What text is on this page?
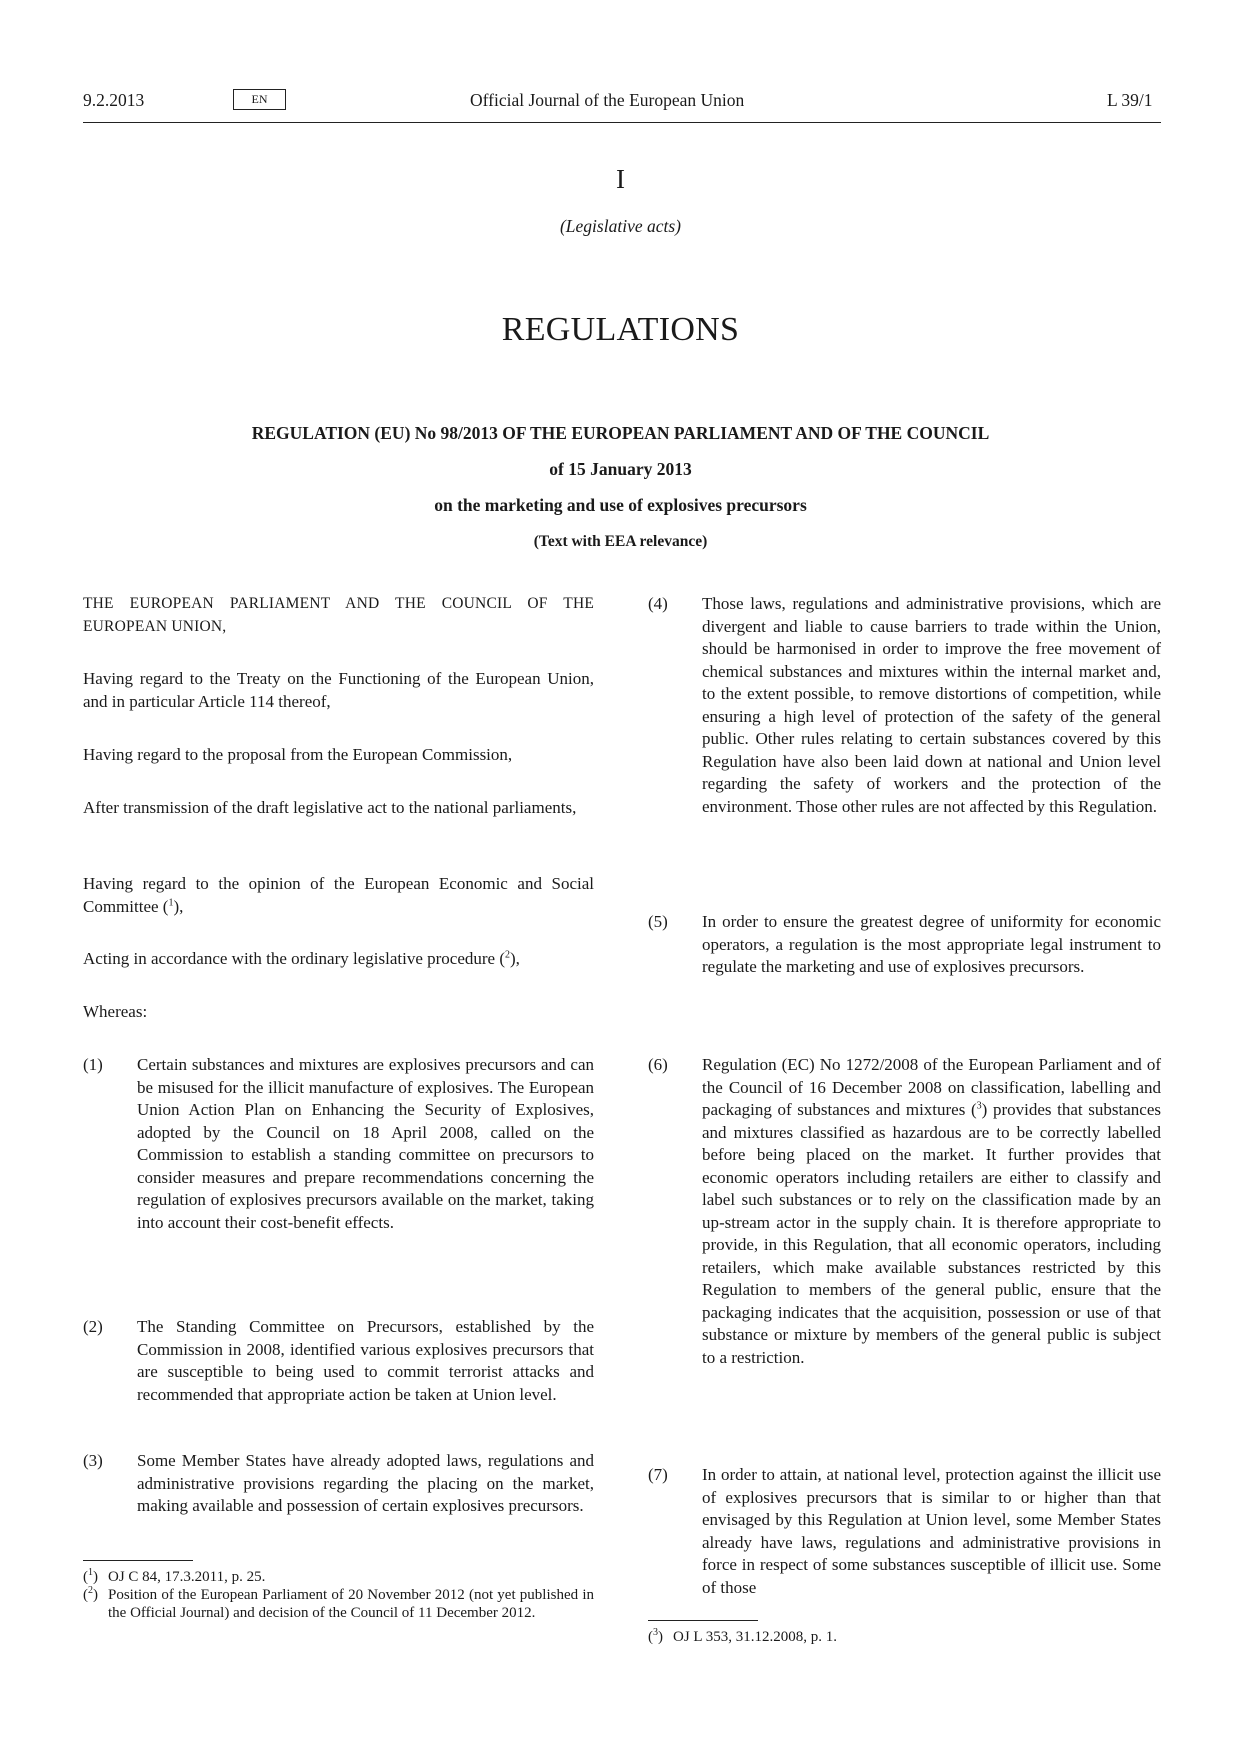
9.2.2013	EN	Official Journal of the European Union	L 39/1
I
(Legislative acts)
REGULATIONS
REGULATION (EU) No 98/2013 OF THE EUROPEAN PARLIAMENT AND OF THE COUNCIL
of 15 January 2013
on the marketing and use of explosives precursors
(Text with EEA relevance)
THE EUROPEAN PARLIAMENT AND THE COUNCIL OF THE EUROPEAN UNION,
Having regard to the Treaty on the Functioning of the European Union, and in particular Article 114 thereof,
Having regard to the proposal from the European Commission,
After transmission of the draft legislative act to the national parliaments,
Having regard to the opinion of the European Economic and Social Committee ($^1$),
Acting in accordance with the ordinary legislative procedure ($^2$),
Whereas:
(1)	Certain substances and mixtures are explosives precursors and can be misused for the illicit manufacture of explosives. The European Union Action Plan on Enhancing the Security of Explosives, adopted by the Council on 18 April 2008, called on the Commission to establish a standing committee on precursors to consider measures and prepare recommendations concerning the regulation of explosives precursors available on the market, taking into account their cost-benefit effects.
(2)	The Standing Committee on Precursors, established by the Commission in 2008, identified various explosives precursors that are susceptible to being used to commit terrorist attacks and recommended that appropriate action be taken at Union level.
(3)	Some Member States have already adopted laws, regulations and administrative provisions regarding the placing on the market, making available and possession of certain explosives precursors.
($^1$) OJ C 84, 17.3.2011, p. 25.
($^2$) Position of the European Parliament of 20 November 2012 (not yet published in the Official Journal) and decision of the Council of 11 December 2012.
(4)	Those laws, regulations and administrative provisions, which are divergent and liable to cause barriers to trade within the Union, should be harmonised in order to improve the free movement of chemical substances and mixtures within the internal market and, to the extent possible, to remove distortions of competition, while ensuring a high level of protection of the safety of the general public. Other rules relating to certain substances covered by this Regulation have also been laid down at national and Union level regarding the safety of workers and the protection of the environment. Those other rules are not affected by this Regulation.
(5)	In order to ensure the greatest degree of uniformity for economic operators, a regulation is the most appropriate legal instrument to regulate the marketing and use of explosives precursors.
(6)	Regulation (EC) No 1272/2008 of the European Parliament and of the Council of 16 December 2008 on classification, labelling and packaging of substances and mixtures ($^3$) provides that substances and mixtures classified as hazardous are to be correctly labelled before being placed on the market. It further provides that economic operators including retailers are either to classify and label such substances or to rely on the classification made by an up-stream actor in the supply chain. It is therefore appropriate to provide, in this Regulation, that all economic operators, including retailers, which make available substances restricted by this Regulation to members of the general public, ensure that the packaging indicates that the acquisition, possession or use of that substance or mixture by members of the general public is subject to a restriction.
(7)	In order to attain, at national level, protection against the illicit use of explosives precursors that is similar to or higher than that envisaged by this Regulation at Union level, some Member States already have laws, regulations and administrative provisions in force in respect of some substances susceptible of illicit use. Some of those
($^3$) OJ L 353, 31.12.2008, p. 1.
